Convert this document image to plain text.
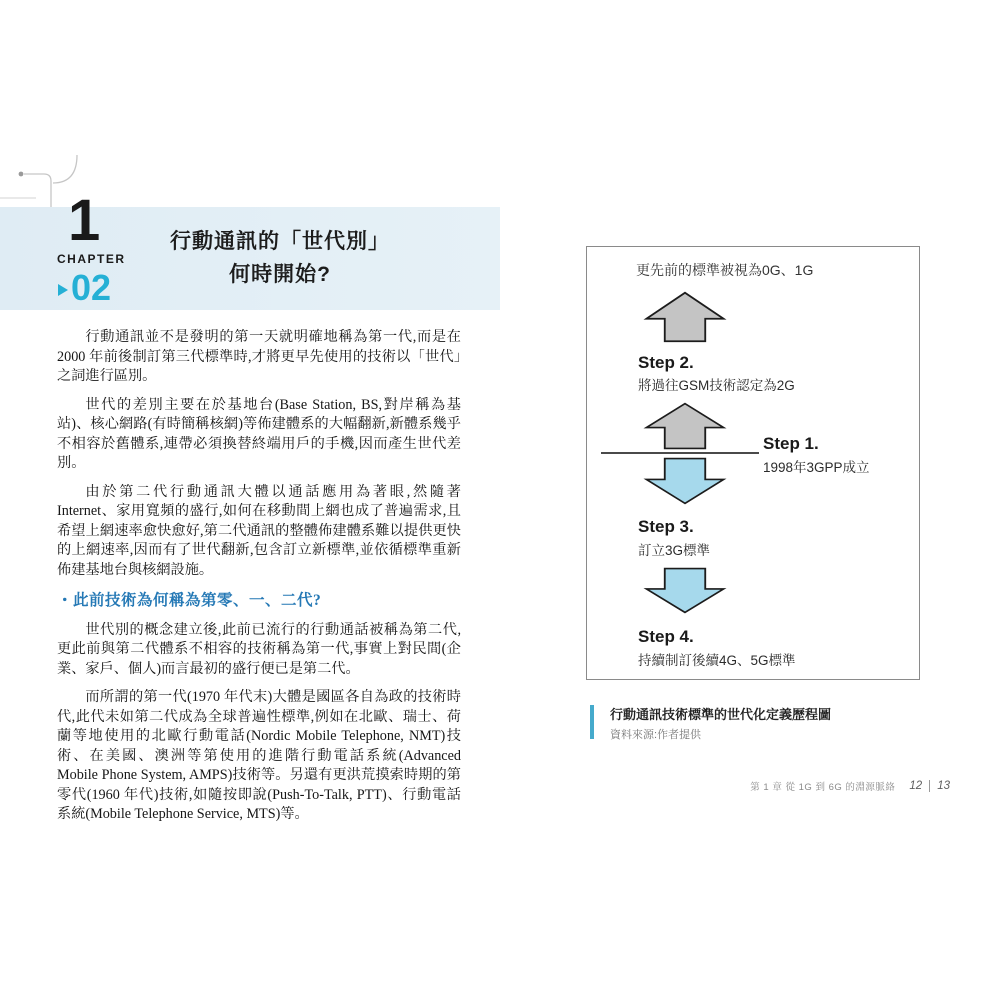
行動通訊的「世代別」
何時開始?
1
CHAPTER
02

行動通訊並不是發明的第一天就明確地稱為第一代,而是在2000 年前後制訂第三代標準時,才將更早先使用的技術以「世代」之詞進行區別。

世代的差別主要在於基地台(Base Station, BS,對岸稱為基站)、核心網路(有時簡稱核網)等佈建體系的大幅翻新,新體系幾乎不相容於舊體系,連帶必須換替終端用戶的手機,因而產生世代差別。

由於第二代行動通訊大體以通話應用為著眼,然隨著 Internet、家用寬頻的盛行,如何在移動間上網也成了普遍需求,且希望上網速率愈快愈好,第二代通訊的整體佈建體系難以提供更快的上網速率,因而有了世代翻新,包含訂立新標準,並依循標準重新佈建基地台與核網設施。

・此前技術為何稱為第零、一、二代?

世代別的概念建立後,此前已流行的行動通話被稱為第二代,更此前與第二代體系不相容的技術稱為第一代,事實上對民間(企業、家戶、個人)而言最初的盛行便已是第二代。

而所謂的第一代(1970 年代末)大體是國區各自為政的技術時代,此代未如第二代成為全球普遍性標準,例如在北歐、瑞士、荷蘭等地使用的北歐行動電話(Nordic Mobile Telephone, NMT)技術、在美國、澳洲等第使用的進階行動電話系統(Advanced Mobile Phone System, AMPS)技術等。另還有更洪荒摸索時期的第零代(1960 年代)技術,如隨按即說(Push-To-Talk, PTT)、行動電話系統(Mobile Telephone Service, MTS)等。

更先前的標準被視為0G、1G
Step 2.
將過往GSM技術認定為2G
Step 1.
1998年3GPP成立
Step 3.
訂立3G標準
Step 4.
持續制訂後續4G、5G標準
行動通訊技術標準的世代化定義歷程圖
資料來源:作者提供
第 1 章 從 1G 到 6G 的淵源脈絡 12 13
